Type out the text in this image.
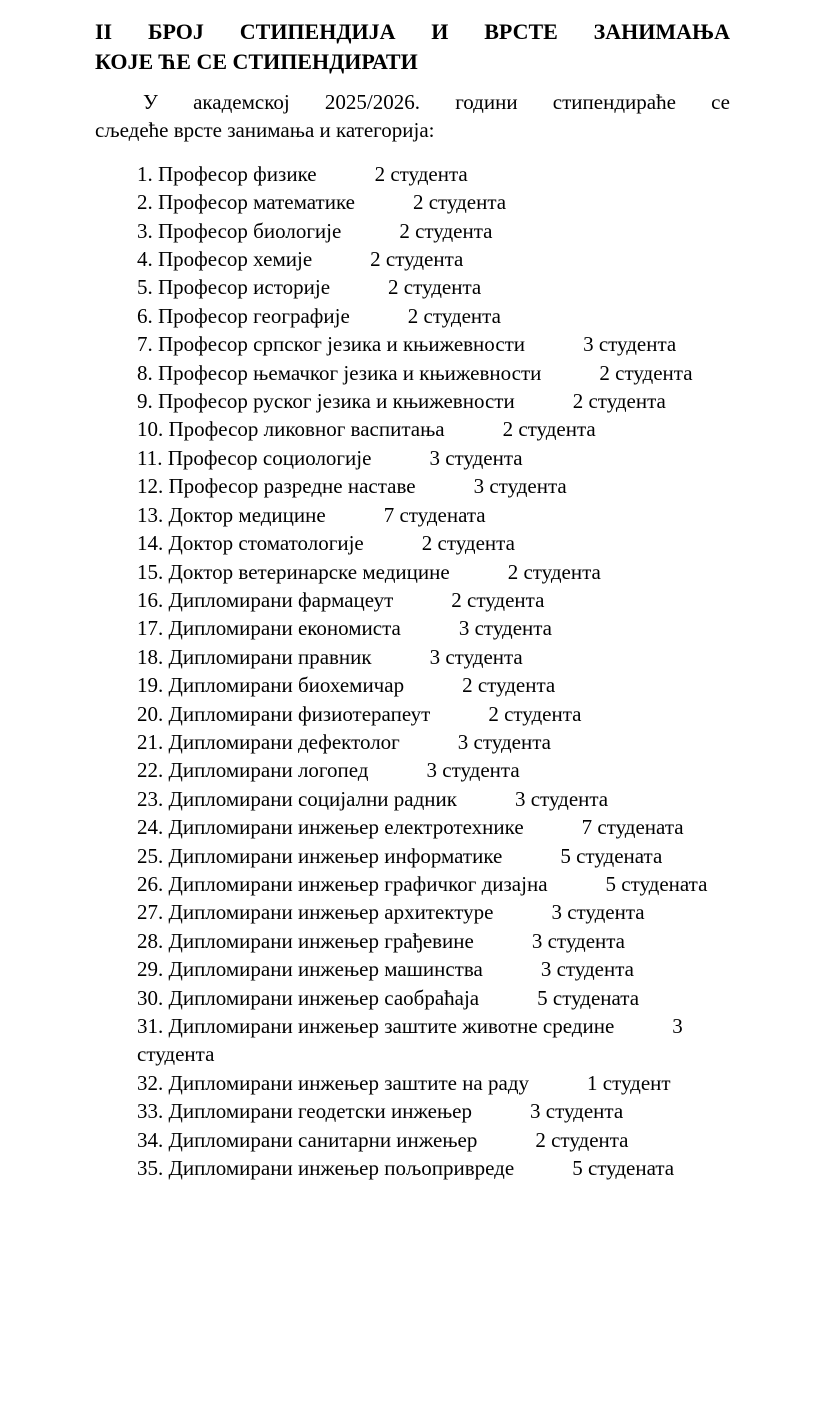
II БРОЈ СТИПЕНДИЈА И ВРСТЕ ЗАНИМАЊА
КОЈЕ ЋЕ СЕ СТИПЕНДИРАТИ

У академској 2025/2026. години стипендираће се
сљедеће врсте занимања и категорија:

1. Професор физике	2 студента
2. Професор математике	2 студента
3. Професор биологије	2 студента
4. Професор хемије	2 студента
5. Професор историје	2 студента
6. Професор географије	2 студента
7. Професор српског језика и књижевности	3 студента
8. Професор њемачког језика и књижевности	2 студента
9. Професор руског језика и књижевности	2 студента
10. Професор ликовног васпитања	2 студента
11. Професор социологије	3 студента
12. Професор разредне наставе	3 студента
13. Доктор медицине	7 студената
14. Доктор стоматологије	2 студента
15. Доктор ветеринарске медицине	2 студента
16. Дипломирани фармацеут	2 студента
17. Дипломирани економиста	3 студента
18. Дипломирани правник	3 студента
19. Дипломирани биохемичар	2 студента
20. Дипломирани физиотерапеут	2 студента
21. Дипломирани дефектолог	3 студента
22. Дипломирани логопед	3 студента
23. Дипломирани социјални радник	3 студента
24. Дипломирани инжењер електротехнике	7 студената
25. Дипломирани инжењер информатике	5 студената
26. Дипломирани инжењер графичког дизајна	5 студената
27. Дипломирани инжењер архитектуре	3 студента
28. Дипломирани инжењер грађевине	3 студента
29. Дипломирани инжењер машинства	3 студента
30. Дипломирани инжењер саобраћаја	5 студената
31. Дипломирани инжењер заштите животне средине	3 студента
32. Дипломирани инжењер заштите на раду	1 студент
33. Дипломирани геодетски инжењер	3 студента
34. Дипломирани санитарни инжењер	2 студента
35. Дипломирани инжењер пољопривреде	5 студената
